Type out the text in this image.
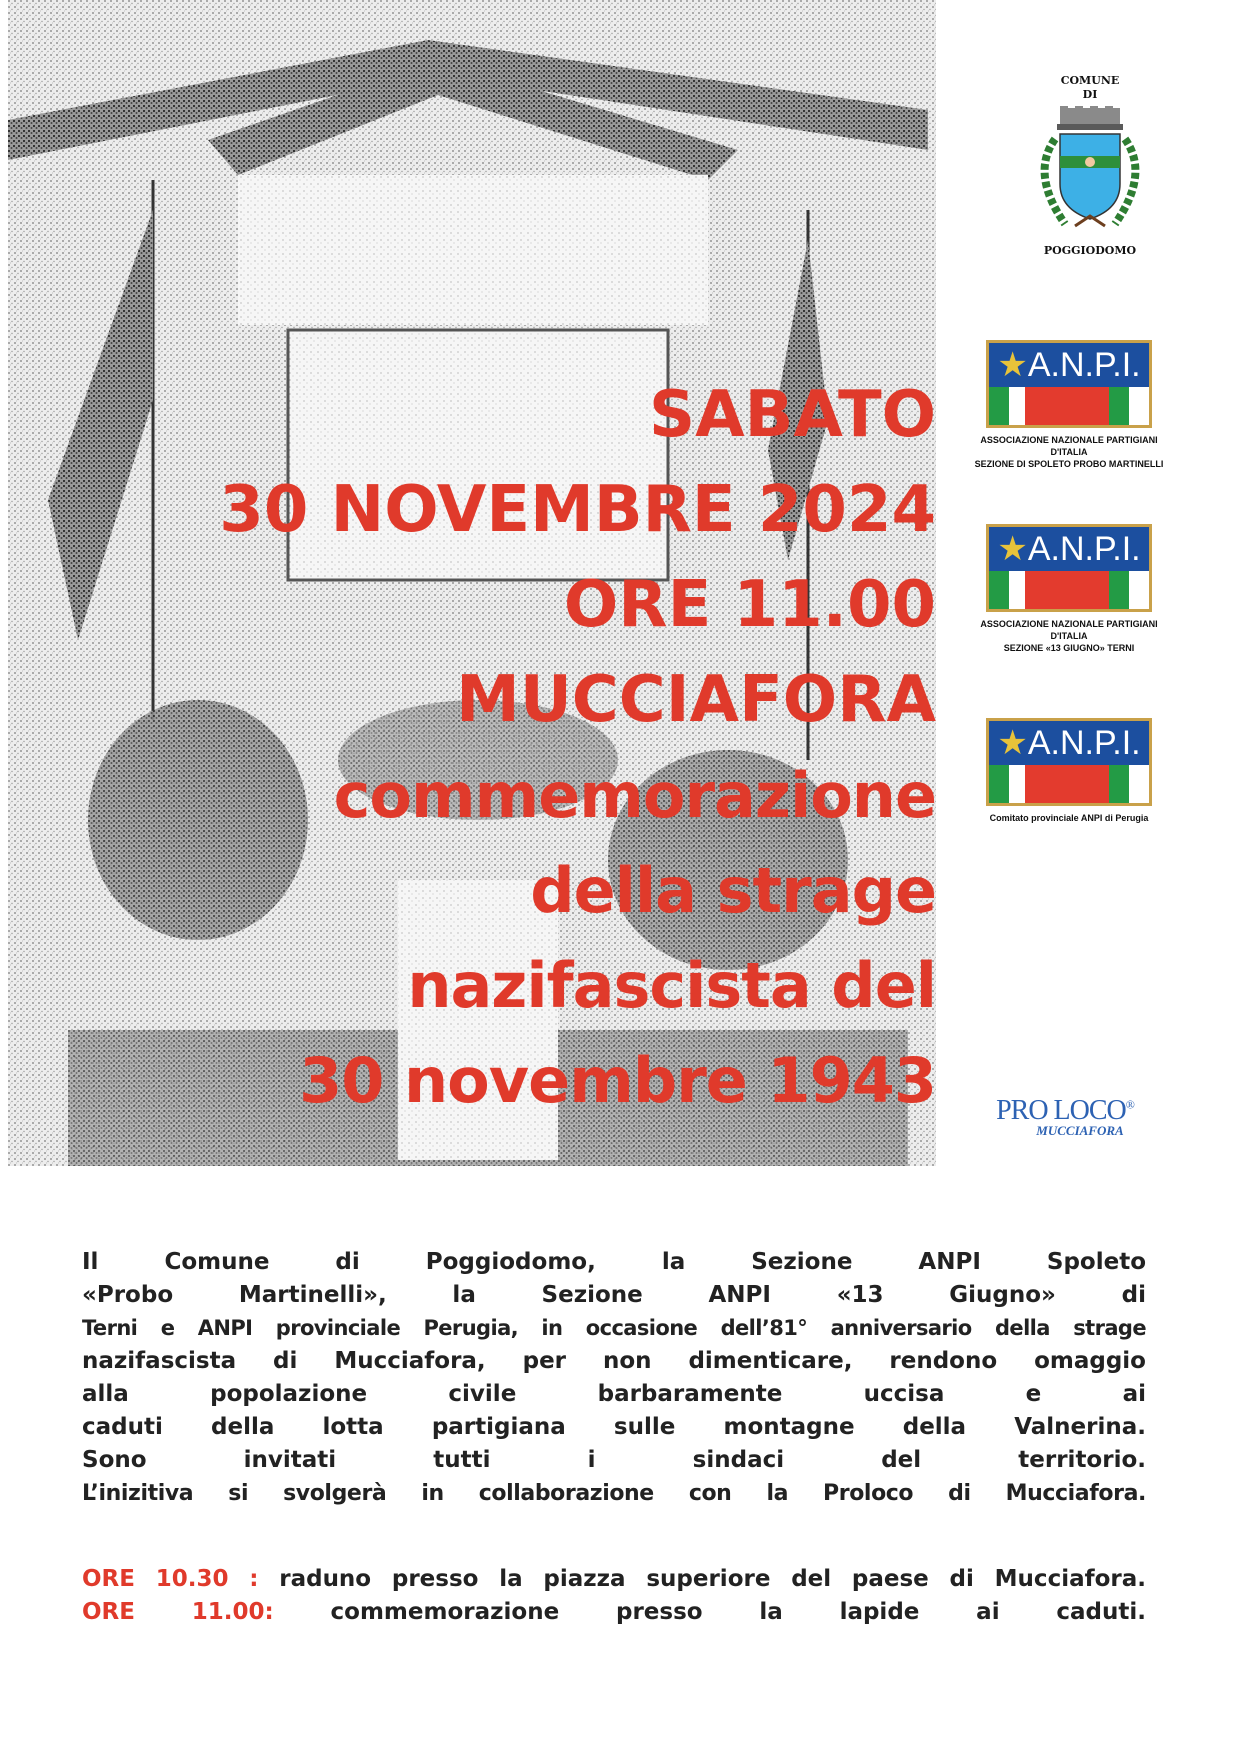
SABATO
30 NOVEMBRE 2024
ORE 11.00
MUCCIAFORA
commemorazione
della strage
nazifascista del
30 novembre 1943
COMUNE
DI
POGGIODOMO
★A.N.P.I.
ASSOCIAZIONE NAZIONALE PARTIGIANI D'ITALIA
SEZIONE DI SPOLETO PROBO MARTINELLI
★A.N.P.I.
ASSOCIAZIONE NAZIONALE PARTIGIANI D'ITALIA
SEZIONE «13 GIUGNO» TERNI
★A.N.P.I.
Comitato provinciale ANPI di Perugia
PRO LOCO®
MUCCIAFORA
Il Comune di Poggiodomo, la Sezione ANPI Spoleto
«Probo Martinelli», la Sezione ANPI «13 Giugno» di
Terni e ANPI provinciale Perugia, in occasione dell’81° anniversario della strage
nazifascista di Mucciafora, per non dimenticare, rendono omaggio
alla popolazione civile barbaramente uccisa e ai
caduti della lotta partigiana sulle montagne della Valnerina.
Sono invitati tutti i sindaci del territorio.
L’inizitiva si svolgerà in collaborazione con la Proloco di Mucciafora.
ORE 10.30 : raduno presso la piazza superiore del paese di Mucciafora.
ORE 11.00: commemorazione presso la lapide ai caduti.
